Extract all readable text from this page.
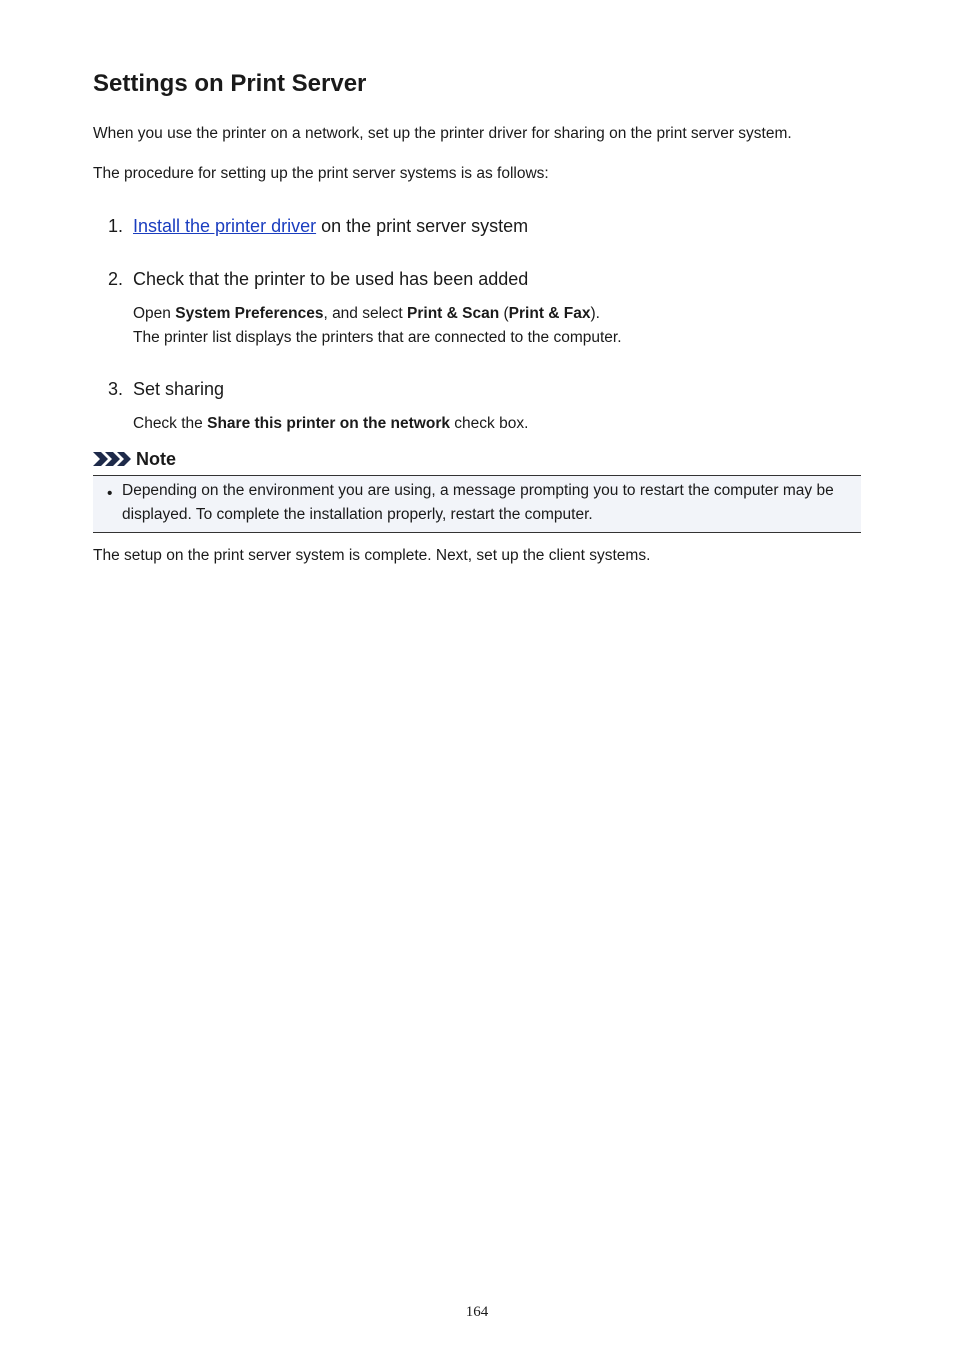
Settings on Print Server

When you use the printer on a network, set up the printer driver for sharing on the print server system.

The procedure for setting up the print server systems is as follows:

1. Install the printer driver on the print server system
2. Check that the printer to be used has been added
Open System Preferences, and select Print & Scan (Print & Fax).
The printer list displays the printers that are connected to the computer.
3. Set sharing
Check the Share this printer on the network check box.
Note
• Depending on the environment you are using, a message prompting you to restart the computer may be displayed. To complete the installation properly, restart the computer.

The setup on the print server system is complete. Next, set up the client systems.

164
